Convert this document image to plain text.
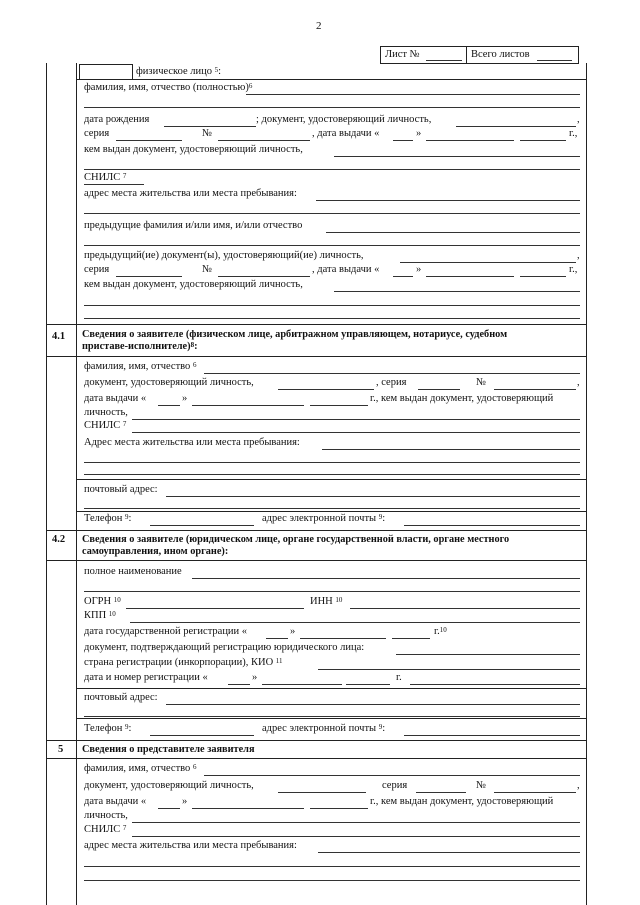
2
Лист №	Всего листов
физическое лицо $^5$:
фамилия, имя, отчество (полностью)$^6$
дата рождения	; документ, удостоверяющий личность,	,
серия	№	, дата выдачи «	»	г.,
кем выдан документ, удостоверяющий личность,
СНИЛС $^7$
адрес места жительства или места пребывания:
предыдущие фамилия и/или имя, и/или отчество
предыдущий(ие) документ(ы), удостоверяющий(ие) личность,	,
серия	№	, дата выдачи «	»	г.,
кем выдан документ, удостоверяющий личность,
4.1 Сведения о заявителе (физическом лице, арбитражном управляющем, нотариусе, судебном
приставе-исполнителе)$^8$:
фамилия, имя, отчество $^6$
документ, удостоверяющий личность,	, серия	№	,
дата выдачи «	»	г., кем выдан документ, удостоверяющий
личность,
СНИЛС $^7$
Адрес места жительства или места пребывания:
почтовый адрес:
Телефон $^9$:	адрес электронной почты $^9$:
4.2 Сведения о заявителе (юридическом лице, органе государственной власти, органе местного
самоуправления, ином органе):
полное наименование
ОГРН $^{10}$	ИНН $^{10}$
КПП $^{10}$
дата государственной регистрации «	»	г.$^{10}$
документ, подтверждающий регистрацию юридического лица:
страна регистрации (инкорпорации), КИО $^{11}$
дата и номер регистрации «	»	г.
почтовый адрес:
Телефон $^9$:	адрес электронной почты $^9$:
5 Сведения о представителе заявителя
фамилия, имя, отчество $^6$
документ, удостоверяющий личность,	серия	№	,
дата выдачи «	»	г., кем выдан документ, удостоверяющий
личность,
СНИЛС $^7$
адрес места жительства или места пребывания:
